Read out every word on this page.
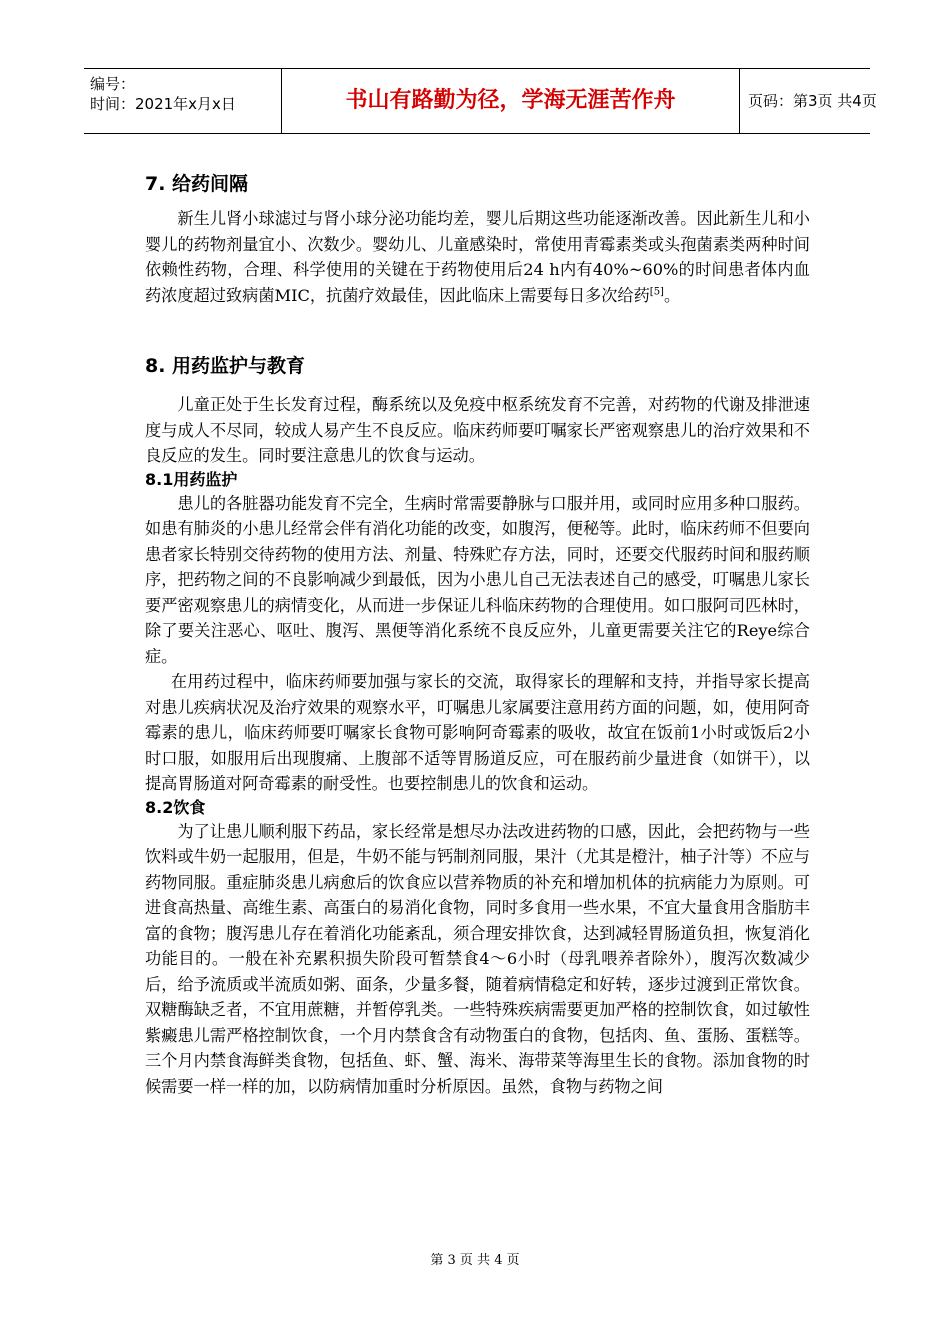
编号：
时间：2021年x月x日	书山有路勤为径，学海无涯苦作舟	页码：第3页 共4页
7. 给药间隔

新生儿肾小球滤过与肾小球分泌功能均差，婴儿后期这些功能逐渐改善。因此新生儿和小婴儿的药物剂量宜小、次数少。婴幼儿、儿童感染时，常使用青霉素类或头孢菌素类两种时间依赖性药物，合理、科学使用的关键在于药物使用后24 h内有40%~60%的时间患者体内血药浓度超过致病菌MIC，抗菌疗效最佳，因此临床上需要每日多次给药[5]。

8. 用药监护与教育

儿童正处于生长发育过程，酶系统以及免疫中枢系统发育不完善，对药物的代谢及排泄速度与成人不尽同，较成人易产生不良反应。临床药师要叮嘱家长严密观察患儿的治疗效果和不良反应的发生。同时要注意患儿的饮食与运动。

8.1用药监护

患儿的各脏器功能发育不完全，生病时常需要静脉与口服并用，或同时应用多种口服药。如患有肺炎的小患儿经常会伴有消化功能的改变，如腹泻，便秘等。此时，临床药师不但要向患者家长特别交待药物的使用方法、剂量、特殊贮存方法，同时，还要交代服药时间和服药顺序，把药物之间的不良影响减少到最低，因为小患儿自己无法表述自己的感受，叮嘱患儿家长要严密观察患儿的病情变化，从而进一步保证儿科临床药物的合理使用。如口服阿司匹林时，除了要关注恶心、呕吐、腹泻、黑便等消化系统不良反应外，儿童更需要关注它的Reye综合症。

在用药过程中，临床药师要加强与家长的交流，取得家长的理解和支持，并指导家长提高对患儿疾病状况及治疗效果的观察水平，叮嘱患儿家属要注意用药方面的问题，如，使用阿奇霉素的患儿，临床药师要叮嘱家长食物可影响阿奇霉素的吸收，故宜在饭前1小时或饭后2小时口服，如服用后出现腹痛、上腹部不适等胃肠道反应，可在服药前少量进食（如饼干），以提高胃肠道对阿奇霉素的耐受性。也要控制患儿的饮食和运动。

8.2饮食

为了让患儿顺利服下药品，家长经常是想尽办法改进药物的口感，因此，会把药物与一些饮料或牛奶一起服用，但是，牛奶不能与钙制剂同服，果汁（尤其是橙汁，柚子汁等）不应与药物同服。重症肺炎患儿病愈后的饮食应以营养物质的补充和增加机体的抗病能力为原则。可进食高热量、高维生素、高蛋白的易消化食物，同时多食用一些水果，不宜大量食用含脂肪丰富的食物；腹泻患儿存在着消化功能紊乱，须合理安排饮食，达到减轻胃肠道负担，恢复消化功能目的。一般在补充累积损失阶段可暂禁食4～6小时（母乳喂养者除外），腹泻次数减少后，给予流质或半流质如粥、面条，少量多餐，随着病情稳定和好转，逐步过渡到正常饮食。双糖酶缺乏者，不宜用蔗糖，并暂停乳类。一些特殊疾病需要更加严格的控制饮食，如过敏性紫癜患儿需严格控制饮食，一个月内禁食含有动物蛋白的食物，包括肉、鱼、蛋肠、蛋糕等。三个月内禁食海鲜类食物，包括鱼、虾、蟹、海米、海带菜等海里生长的食物。添加食物的时候需要一样一样的加，以防病情加重时分析原因。虽然，食物与药物之间

第 3 页 共 4 页
